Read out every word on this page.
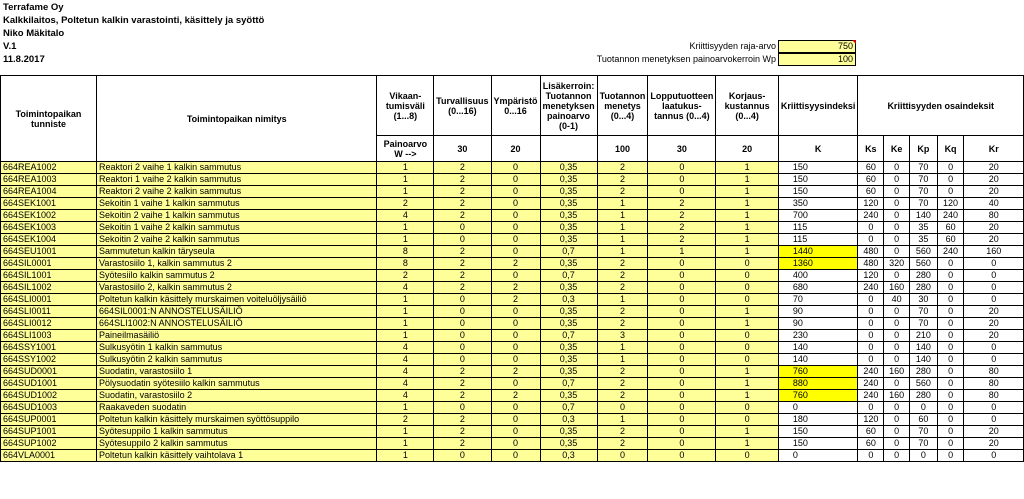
Terrafame Oy
Kalkkilaitos, Poltetun kalkin varastointi, käsittely ja syöttö
Niko Mäkitalo
V.1
11.8.2017
Kriittisyyden raja-arvo	750
Tuotannon menetyksen painoarvokerroin Wp	100
Toimintopaikan tunniste	Toimintopaikan nimitys	Vikaan-tumisväli (1...8)	Turvallisuus (0...16)	Ympäristö 0...16	Lisäkerroin: Tuotannon menetyksen painoarvo (0-1)	Tuotannon menetys (0...4)	Lopputuotteen laatukus-tannus (0...4)	Korjaus-kustannus (0...4)	Kriittisyysindeksi	Kriittisyyden osaindeksit				
		Painoarvo W -->	30	20		100	30	20	K	Ks	Ke	Kp	Kq	Kr
664REA1002	Reaktori 2 vaihe 1 kalkin sammutus	1	2	0	0,35	2	0	1	150	60	0	70	0	20
664REA1003	Reaktori 1 vaihe 2 kalkin sammutus	1	2	0	0,35	2	0	1	150	60	0	70	0	20
664REA1004	Reaktori 2 vaihe 2 kalkin sammutus	1	2	0	0,35	2	0	1	150	60	0	70	0	20
664SEK1001	Sekoitin 1 vaihe 1 kalkin sammutus	2	2	0	0,35	1	2	1	350	120	0	70	120	40
664SEK1002	Sekoitin 2 vaihe 1 kalkin sammutus	4	2	0	0,35	1	2	1	700	240	0	140	240	80
664SEK1003	Sekoitin 1 vaihe 2 kalkin sammutus	1	0	0	0,35	1	2	1	115	0	0	35	60	20
664SEK1004	Sekoitin 2 vaihe 2 kalkin sammutus	1	0	0	0,35	1	2	1	115	0	0	35	60	20
664SEU1001	Sammutetun kalkin täryseula	8	2	0	0,7	1	1	1	1440	480	0	560	240	160
664SIL0001	Varastosiilo 1, kalkin sammutus 2	8	2	2	0,35	2	0	0	1360	480	320	560	0	0
664SIL1001	Syötesiilo kalkin sammutus 2	2	2	0	0,7	2	0	0	400	120	0	280	0	0
664SIL1002	Varastosiilo 2, kalkin sammutus 2	4	2	2	0,35	2	0	0	680	240	160	280	0	0
664SLI0001	Poltetun kalkin käsittely murskaimen voiteluöljysäiliö	1	0	2	0,3	1	0	0	70	0	40	30	0	0
664SLI0011	664SIL0001:N ANNOSTELUSÄILIÖ	1	0	0	0,35	2	0	1	90	0	0	70	0	20
664SLI0012	664SLI1002:N ANNOSTELUSÄILIÖ	1	0	0	0,35	2	0	1	90	0	0	70	0	20
664SLI1003	Paineilmasäiliö	1	0	0	0,7	3	0	0	230	0	0	210	0	20
664SSY1001	Sulkusyötin 1 kalkin sammutus	4	0	0	0,35	1	0	0	140	0	0	140	0	0
664SSY1002	Sulkusyötin 2 kalkin sammutus	4	0	0	0,35	1	0	0	140	0	0	140	0	0
664SUD0001	Suodatin, varastosiilo 1	4	2	2	0,35	2	0	1	760	240	160	280	0	80
664SUD1001	Pölysuodatin syötesiilo kalkin sammutus	4	2	0	0,7	2	0	1	880	240	0	560	0	80
664SUD1002	Suodatin, varastosiilo 2	4	2	2	0,35	2	0	1	760	240	160	280	0	80
664SUD1003	Raakaveden suodatin	1	0	0	0,7	0	0	0	0	0	0	0	0	0
664SUP0001	Poltetun kalkin käsittely murskaimen syöttösuppilo	2	2	0	0,3	1	0	0	180	120	0	60	0	0
664SUP1001	Syötesuppilo 1 kalkin sammutus	1	2	0	0,35	2	0	1	150	60	0	70	0	20
664SUP1002	Syötesuppilo 2 kalkin sammutus	1	2	0	0,35	2	0	1	150	60	0	70	0	20
664VLA0001	Poltetun kalkin käsittely vaihtolava 1	1	0	0	0,3	0	0	0	0	0	0	0	0	0
